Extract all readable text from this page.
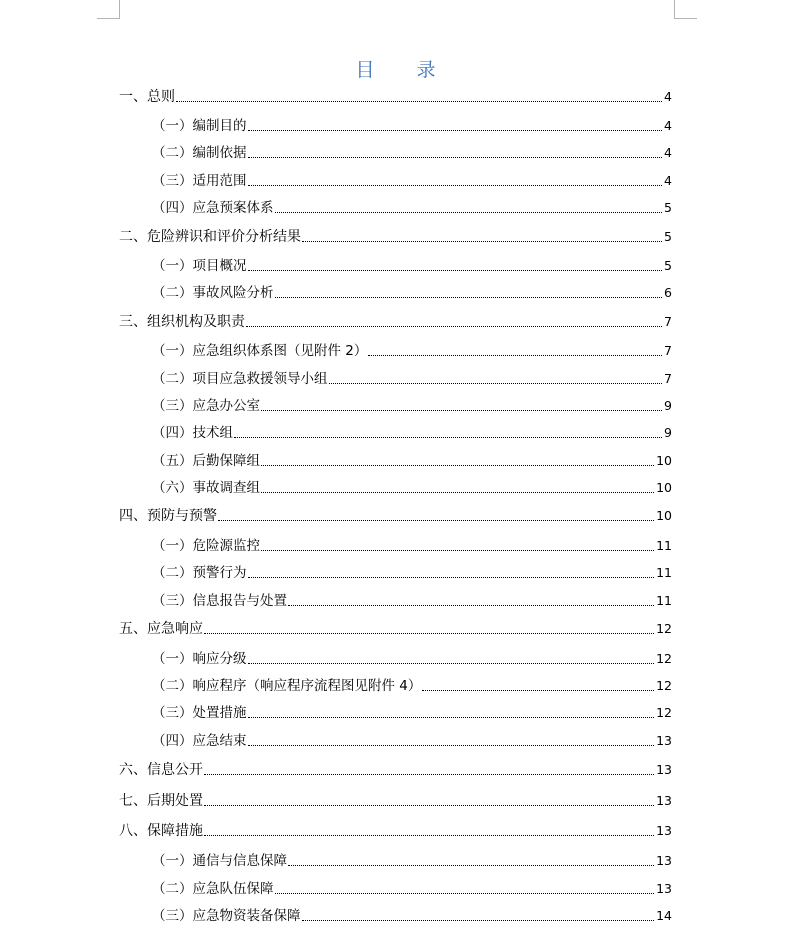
目 录
一、总则	4
（一）编制目的	4
（二）编制依据	4
（三）适用范围	4
（四）应急预案体系	5
二、危险辨识和评价分析结果	5
（一）项目概况	5
（二）事故风险分析	6
三、组织机构及职责	7
（一）应急组织体系图（见附件 2）	7
（二）项目应急救援领导小组	7
（三）应急办公室	9
（四）技术组	9
（五）后勤保障组	10
（六）事故调查组	10
四、预防与预警	10
（一）危险源监控	11
（二）预警行为	11
（三）信息报告与处置	11
五、应急响应	12
（一）响应分级	12
（二）响应程序（响应程序流程图见附件 4）	12
（三）处置措施	12
（四）应急结束	13
六、信息公开	13
七、后期处置	13
八、保障措施	13
（一）通信与信息保障	13
（二）应急队伍保障	13
（三）应急物资装备保障	14
